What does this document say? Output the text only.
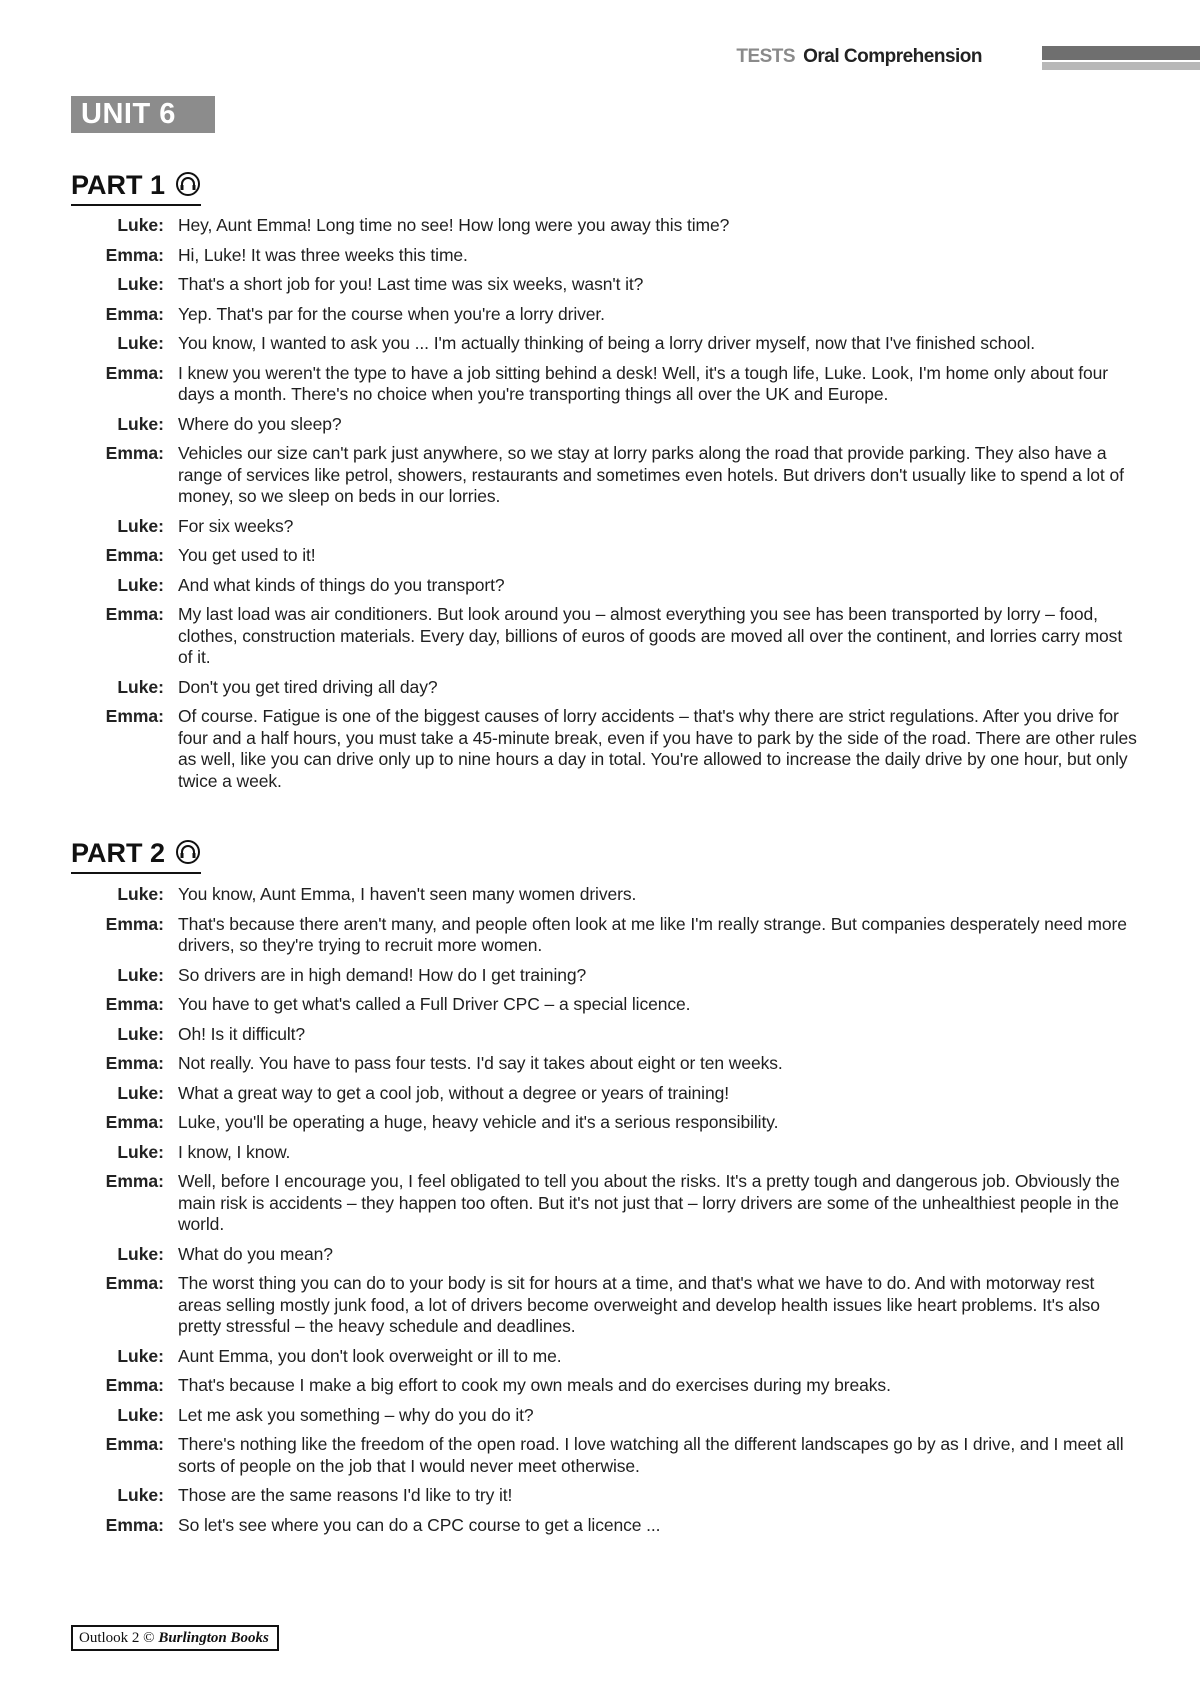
TESTS Oral Comprehension
UNIT 6
PART 1
Luke: Hey, Aunt Emma! Long time no see! How long were you away this time?
Emma: Hi, Luke! It was three weeks this time.
Luke: That's a short job for you! Last time was six weeks, wasn't it?
Emma: Yep. That's par for the course when you're a lorry driver.
Luke: You know, I wanted to ask you ... I'm actually thinking of being a lorry driver myself, now that I've finished school.
Emma: I knew you weren't the type to have a job sitting behind a desk! Well, it's a tough life, Luke. Look, I'm home only about four days a month. There's no choice when you're transporting things all over the UK and Europe.
Luke: Where do you sleep?
Emma: Vehicles our size can't park just anywhere, so we stay at lorry parks along the road that provide parking. They also have a range of services like petrol, showers, restaurants and sometimes even hotels. But drivers don't usually like to spend a lot of money, so we sleep on beds in our lorries.
Luke: For six weeks?
Emma: You get used to it!
Luke: And what kinds of things do you transport?
Emma: My last load was air conditioners. But look around you – almost everything you see has been transported by lorry – food, clothes, construction materials. Every day, billions of euros of goods are moved all over the continent, and lorries carry most of it.
Luke: Don't you get tired driving all day?
Emma: Of course. Fatigue is one of the biggest causes of lorry accidents – that's why there are strict regulations. After you drive for four and a half hours, you must take a 45-minute break, even if you have to park by the side of the road. There are other rules as well, like you can drive only up to nine hours a day in total. You're allowed to increase the daily drive by one hour, but only twice a week.
PART 2
Luke: You know, Aunt Emma, I haven't seen many women drivers.
Emma: That's because there aren't many, and people often look at me like I'm really strange. But companies desperately need more drivers, so they're trying to recruit more women.
Luke: So drivers are in high demand! How do I get training?
Emma: You have to get what's called a Full Driver CPC – a special licence.
Luke: Oh! Is it difficult?
Emma: Not really. You have to pass four tests. I'd say it takes about eight or ten weeks.
Luke: What a great way to get a cool job, without a degree or years of training!
Emma: Luke, you'll be operating a huge, heavy vehicle and it's a serious responsibility.
Luke: I know, I know.
Emma: Well, before I encourage you, I feel obligated to tell you about the risks. It's a pretty tough and dangerous job. Obviously the main risk is accidents – they happen too often. But it's not just that – lorry drivers are some of the unhealthiest people in the world.
Luke: What do you mean?
Emma: The worst thing you can do to your body is sit for hours at a time, and that's what we have to do. And with motorway rest areas selling mostly junk food, a lot of drivers become overweight and develop health issues like heart problems. It's also pretty stressful – the heavy schedule and deadlines.
Luke: Aunt Emma, you don't look overweight or ill to me.
Emma: That's because I make a big effort to cook my own meals and do exercises during my breaks.
Luke: Let me ask you something – why do you do it?
Emma: There's nothing like the freedom of the open road. I love watching all the different landscapes go by as I drive, and I meet all sorts of people on the job that I would never meet otherwise.
Luke: Those are the same reasons I'd like to try it!
Emma: So let's see where you can do a CPC course to get a licence ...
Outlook 2 © Burlington Books
